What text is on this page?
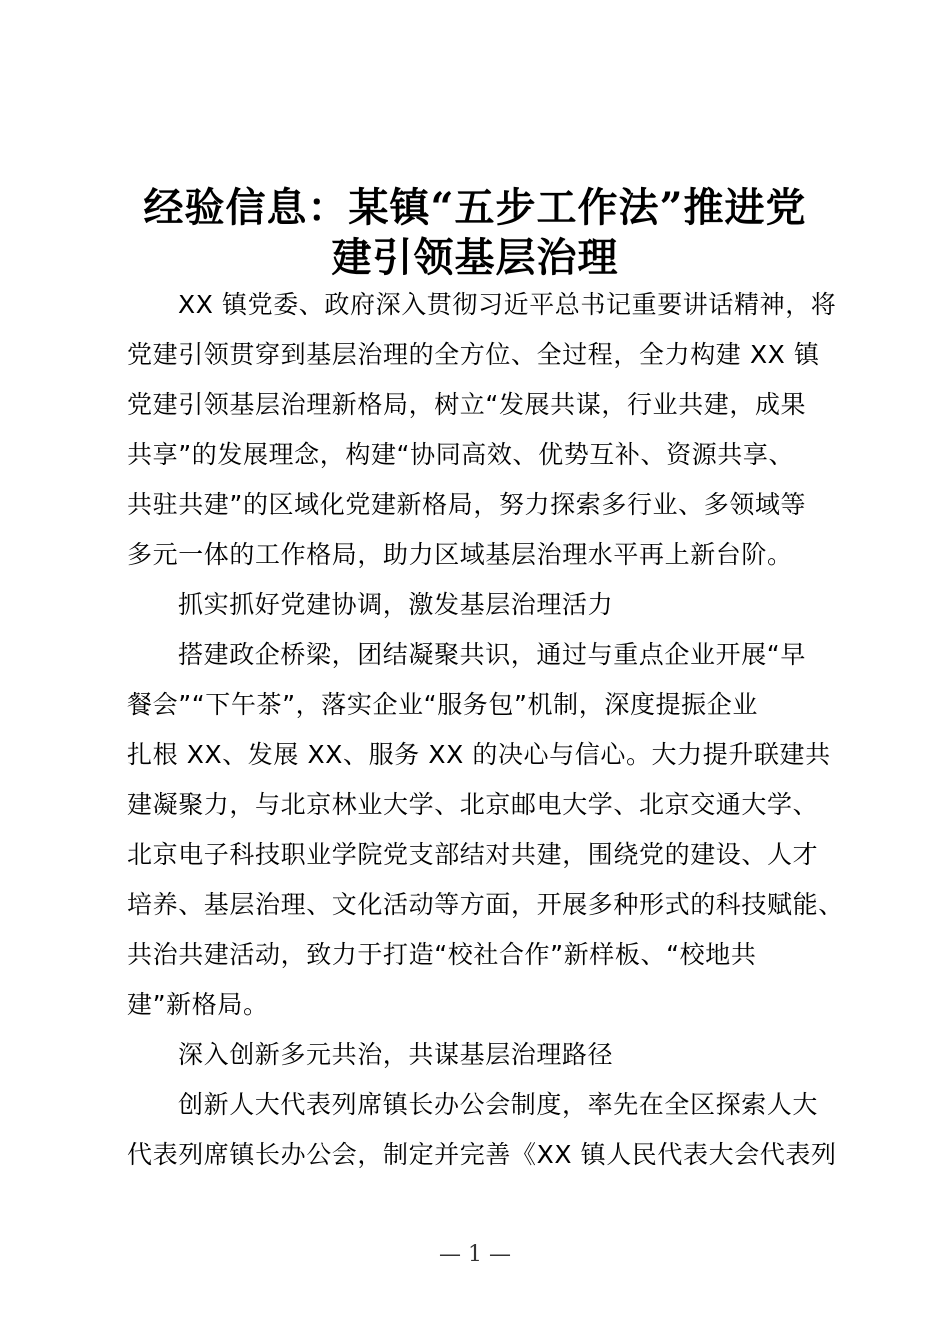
经验信息：某镇“五步工作法”推进党
建引领基层治理
XX 镇党委、政府深入贯彻习近平总书记重要讲话精神，将
党建引领贯穿到基层治理的全方位、全过程，全力构建 XX 镇
党建引领基层治理新格局，树立“发展共谋，行业共建，成果
共享”的发展理念，构建“协同高效、优势互补、资源共享、
共驻共建”的区域化党建新格局，努力探索多行业、多领域等
多元一体的工作格局，助力区域基层治理水平再上新台阶。
抓实抓好党建协调，激发基层治理活力
搭建政企桥梁，团结凝聚共识，通过与重点企业开展“早
餐会”“下午茶”，落实企业“服务包”机制，深度提振企业
扎根 XX、发展 XX、服务 XX 的决心与信心。大力提升联建共
建凝聚力，与北京林业大学、北京邮电大学、北京交通大学、
北京电子科技职业学院党支部结对共建，围绕党的建设、人才
培养、基层治理、文化活动等方面，开展多种形式的科技赋能、
共治共建活动，致力于打造“校社合作”新样板、“校地共
建”新格局。
深入创新多元共治，共谋基层治理路径
创新人大代表列席镇长办公会制度，率先在全区探索人大
代表列席镇长办公会，制定并完善《XX 镇人民代表大会代表列
— 1 —
